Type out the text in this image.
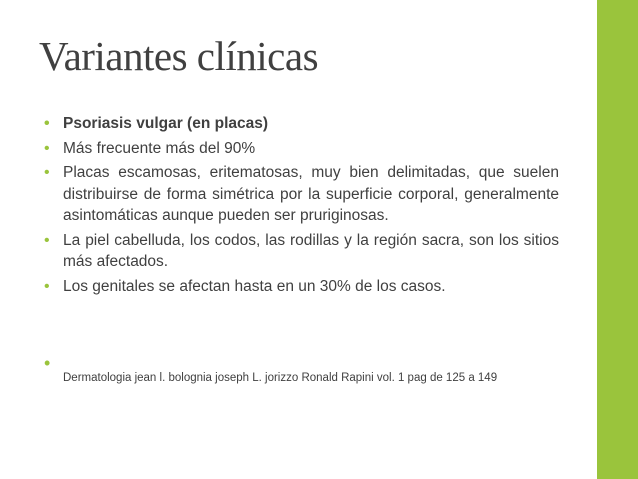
Variantes clínicas
• Psoriasis vulgar (en placas)
• Más frecuente más del 90%
• Placas escamosas, eritematosas, muy bien delimitadas, que suelen distribuirse de forma simétrica por la superficie corporal, generalmente asintomáticas aunque pueden ser pruriginosas.
• La piel cabelluda, los codos, las rodillas y la región sacra, son los sitios más afectados.
• Los genitales se afectan hasta en un 30% de los casos.
• Dermatologia jean l. bolognia joseph L. jorizzo Ronald Rapini vol. 1 pag de 125 a 149
